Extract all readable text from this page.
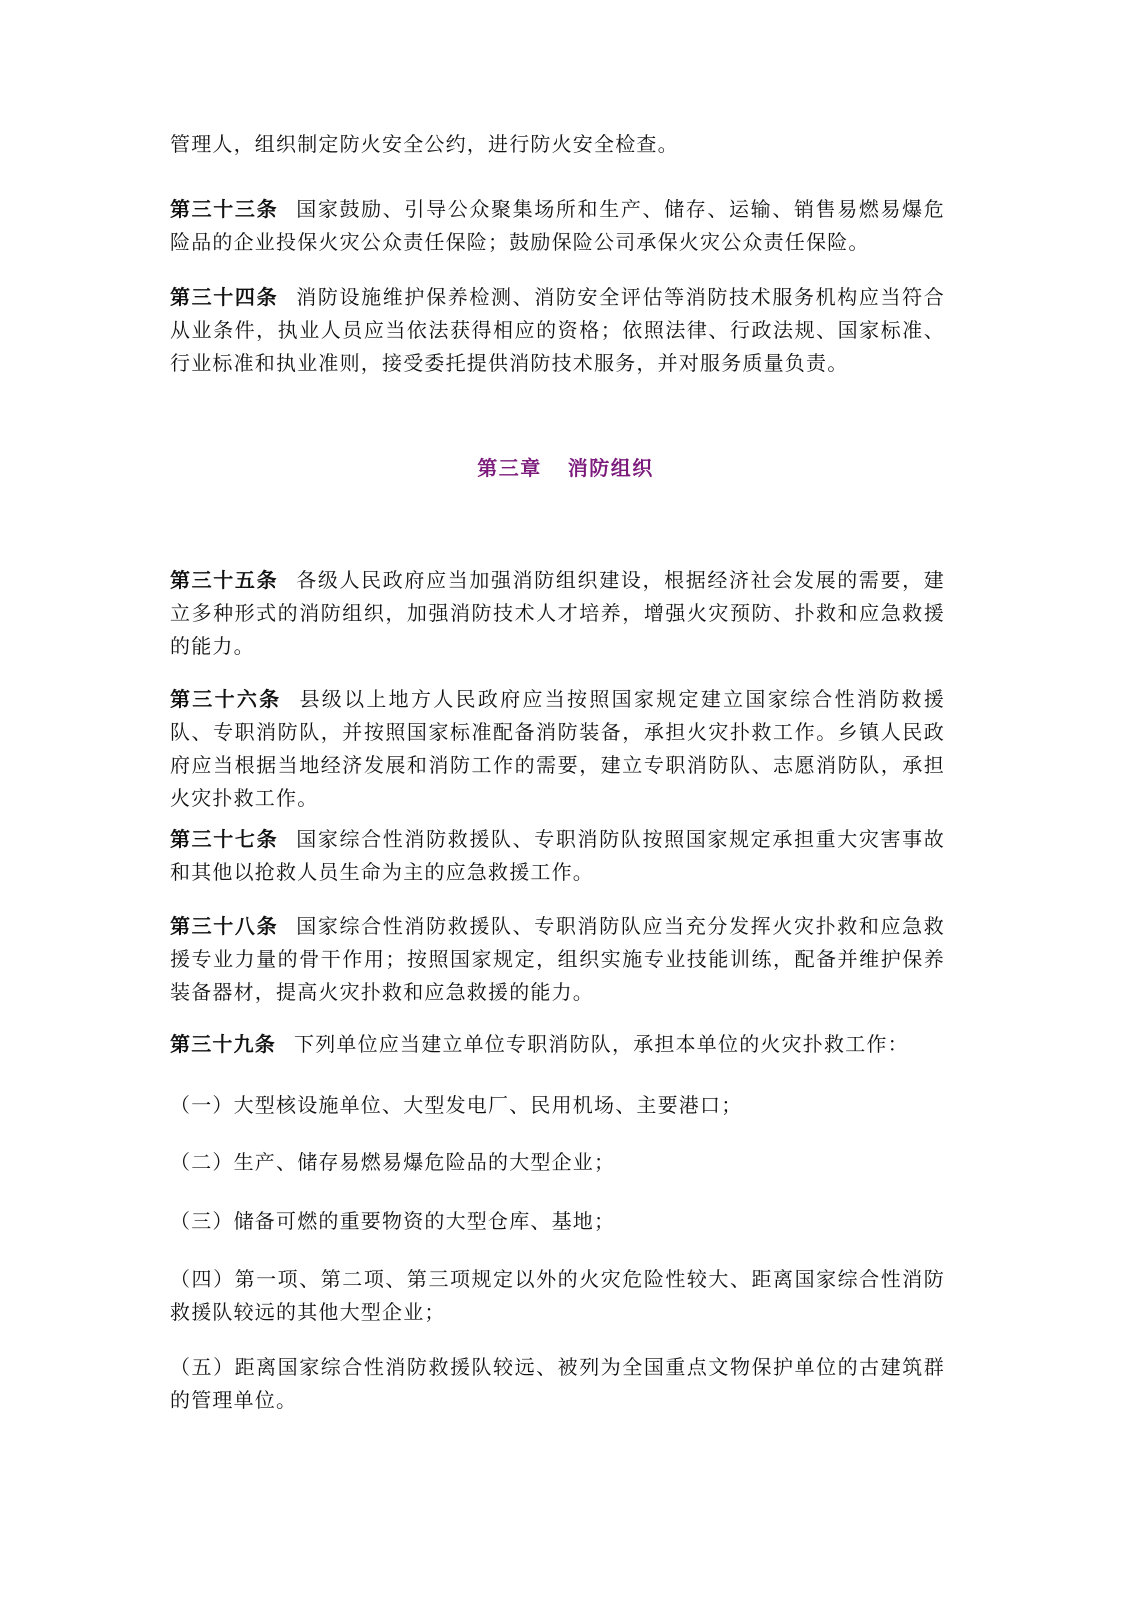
管理人，组织制定防火安全公约，进行防火安全检查。

第三十三条 国家鼓励、引导公众聚集场所和生产、储存、运输、销售易燃易爆危险品的企业投保火灾公众责任保险；鼓励保险公司承保火灾公众责任保险。

第三十四条 消防设施维护保养检测、消防安全评估等消防技术服务机构应当符合从业条件，执业人员应当依法获得相应的资格；依照法律、行政法规、国家标准、行业标准和执业准则，接受委托提供消防技术服务，并对服务质量负责。

第三章 消防组织

第三十五条 各级人民政府应当加强消防组织建设，根据经济社会发展的需要，建立多种形式的消防组织，加强消防技术人才培养，增强火灾预防、扑救和应急救援的能力。

第三十六条 县级以上地方人民政府应当按照国家规定建立国家综合性消防救援队、专职消防队，并按照国家标准配备消防装备，承担火灾扑救工作。乡镇人民政府应当根据当地经济发展和消防工作的需要，建立专职消防队、志愿消防队，承担火灾扑救工作。

第三十七条 国家综合性消防救援队、专职消防队按照国家规定承担重大灾害事故和其他以抢救人员生命为主的应急救援工作。

第三十八条 国家综合性消防救援队、专职消防队应当充分发挥火灾扑救和应急救援专业力量的骨干作用；按照国家规定，组织实施专业技能训练，配备并维护保养装备器材，提高火灾扑救和应急救援的能力。

第三十九条 下列单位应当建立单位专职消防队，承担本单位的火灾扑救工作：

（一）大型核设施单位、大型发电厂、民用机场、主要港口；

（二）生产、储存易燃易爆危险品的大型企业；

（三）储备可燃的重要物资的大型仓库、基地；

（四）第一项、第二项、第三项规定以外的火灾危险性较大、距离国家综合性消防救援队较远的其他大型企业；

（五）距离国家综合性消防救援队较远、被列为全国重点文物保护单位的古建筑群的管理单位。
